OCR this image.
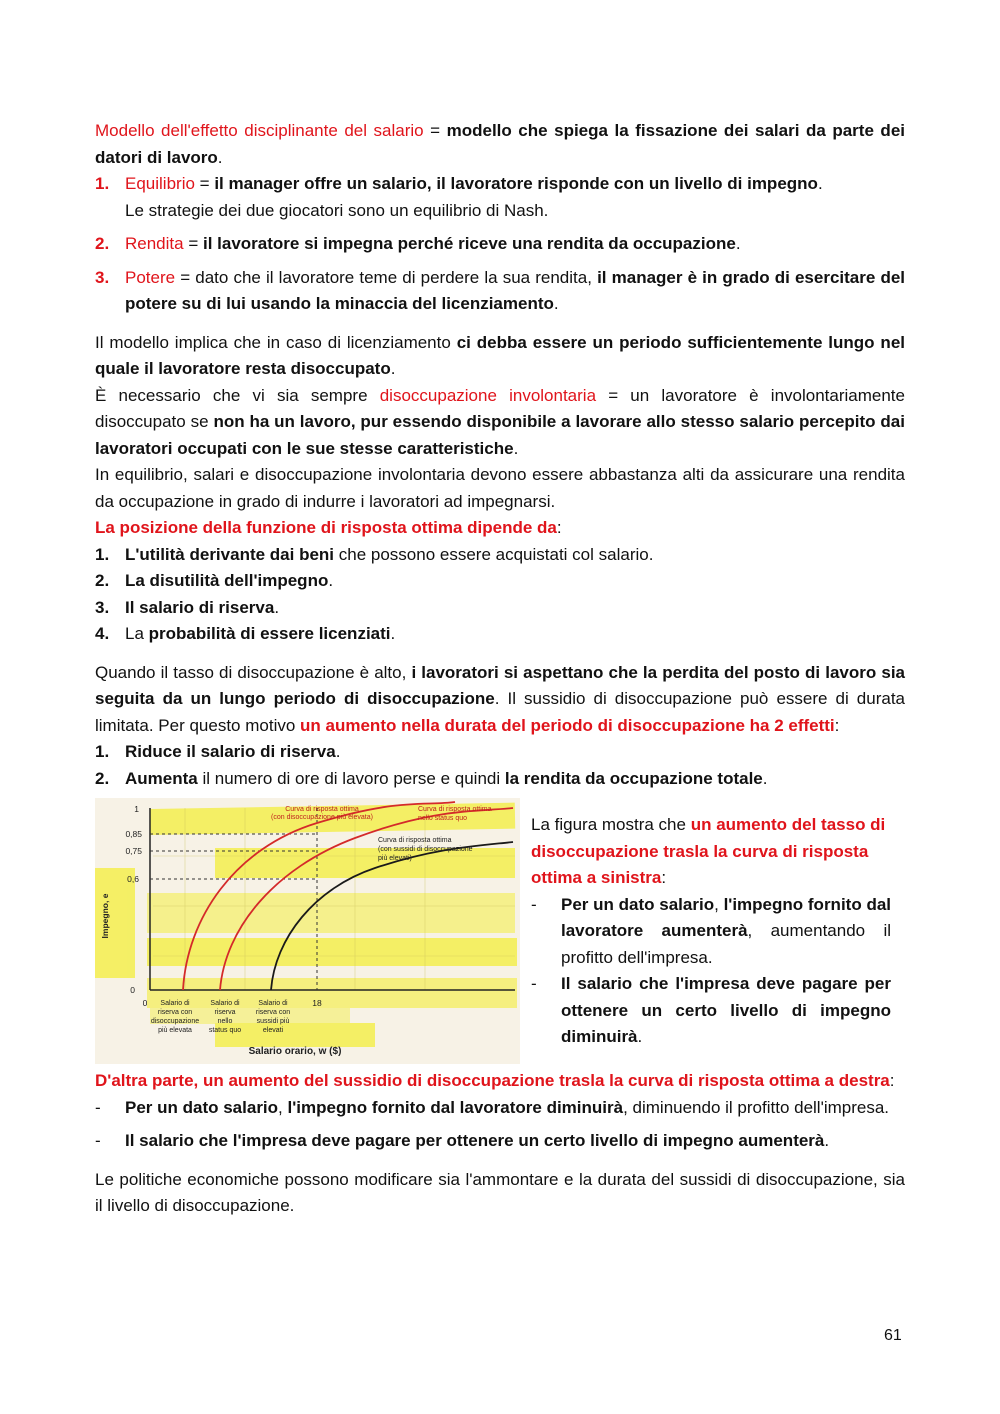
Modello dell'effetto disciplinante del salario = modello che spiega la fissazione dei salari da parte dei datori di lavoro.

1. Equilibrio = il manager offre un salario, il lavoratore risponde con un livello di impegno.
Le strategie dei due giocatori sono un equilibrio di Nash.
2. Rendita = il lavoratore si impegna perché riceve una rendita da occupazione.
3. Potere = dato che il lavoratore teme di perdere la sua rendita, il manager è in grado di esercitare del potere su di lui usando la minaccia del licenziamento.

Il modello implica che in caso di licenziamento ci debba essere un periodo sufficientemente lungo nel quale il lavoratore resta disoccupato.

È necessario che vi sia sempre disoccupazione involontaria = un lavoratore è involontariamente disoccupato se non ha un lavoro, pur essendo disponibile a lavorare allo stesso salario percepito dai lavoratori occupati con le sue stesse caratteristiche.

In equilibrio, salari e disoccupazione involontaria devono essere abbastanza alti da assicurare una rendita da occupazione in grado di indurre i lavoratori ad impegnarsi.

La posizione della funzione di risposta ottima dipende da:

1. L'utilità derivante dai beni che possono essere acquistati col salario.
2. La disutilità dell'impegno.
3. Il salario di riserva.
4. La probabilità di essere licenziati.

Quando il tasso di disoccupazione è alto, i lavoratori si aspettano che la perdita del posto di lavoro sia seguita da un lungo periodo di disoccupazione. Il sussidio di disoccupazione può essere di durata limitata. Per questo motivo un aumento nella durata del periodo di disoccupazione ha 2 effetti:

1. Riduce il salario di riserva.
2. Aumenta il numero di ore di lavoro perse e quindi la rendita da occupazione totale.
1
0,85
0,75
0,6
0
Impegno, e
0	18
Curva di risposta ottima
(con disoccupazione più elevata)
Curva di risposta ottima
nello status quo
Curva di risposta ottima
(con sussidi di disoccupazione
più elevati)
Salario di
riserva con
disoccupazione
più elevata
Salario di
riserva
nello
status quo
Salario di
riserva con
sussidi più
elevati
Salario orario, w ($)

La figura mostra che un aumento del tasso di disoccupazione trasla la curva di risposta ottima a sinistra:

- Per un dato salario, l'impegno fornito dal lavoratore aumenterà, aumentando il profitto dell'impresa.
- Il salario che l'impresa deve pagare per ottenere un certo livello di impegno diminuirà.

D'altra parte, un aumento del sussidio di disoccupazione trasla la curva di risposta ottima a destra:

- Per un dato salario, l'impegno fornito dal lavoratore diminuirà, diminuendo il profitto dell'impresa.
- Il salario che l'impresa deve pagare per ottenere un certo livello di impegno aumenterà.

Le politiche economiche possono modificare sia l'ammontare e la durata del sussidi di disoccupazione, sia il livello di disoccupazione.

61
